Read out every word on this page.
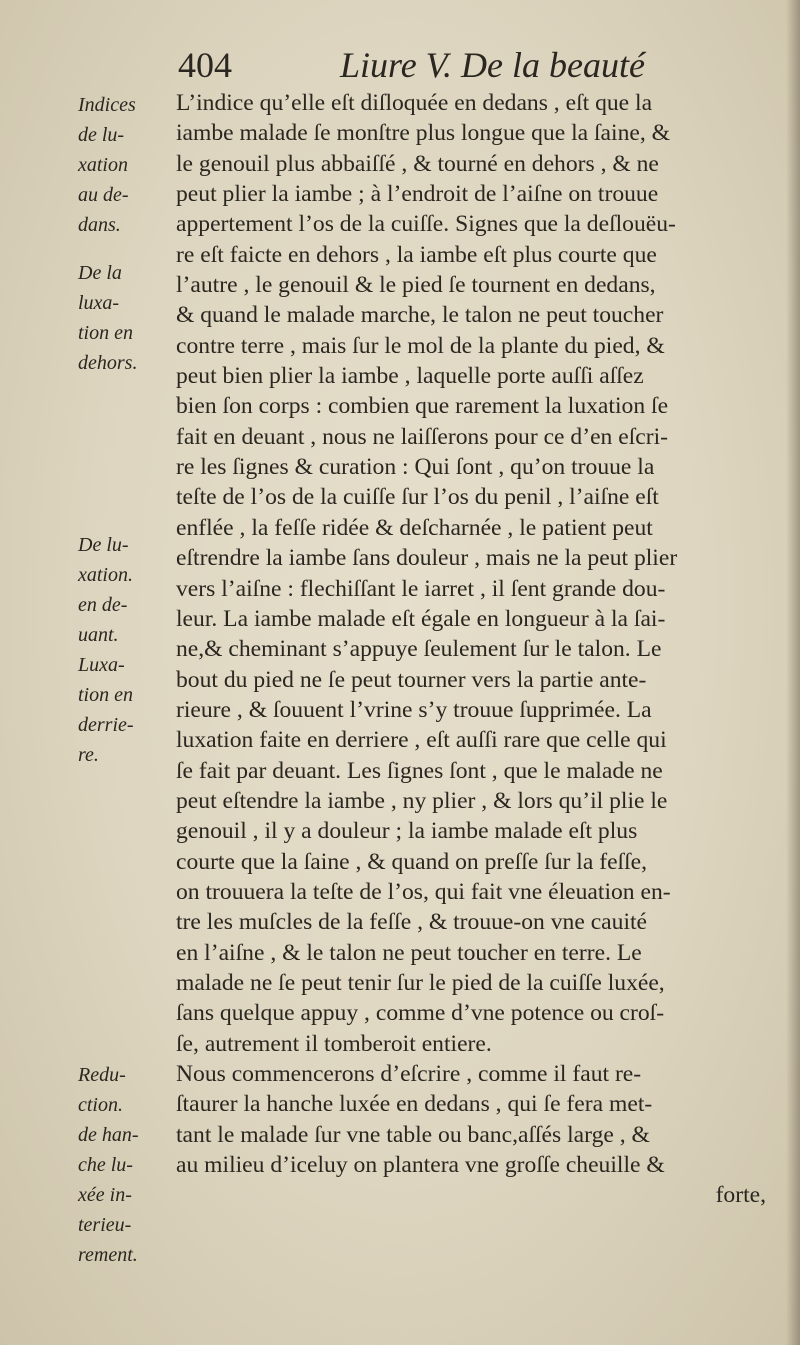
404	Liure V. De la beauté
Indices
de lu-
xation
au de-
dans.
De la
luxa-
tion en
dehors.
De lu-
xation.
en de-
uant.
Luxa-
tion en
derrie-
re.
Redu-
ction.
de han-
che lu-
xée in-
terieu-
rement.
L’indice qu’elle eſt diſloquée en dedans , eſt que la
iambe malade ſe monſtre plus longue que la ſaine, &
le genouil plus abbaiſſé , & tourné en dehors , & ne
peut plier la iambe ; à l’endroit de l’aiſne on trouue
appertement l’os de la cuiſſe. Signes que la deſlouëu-
re eſt faicte en dehors , la iambe eſt plus courte que
l’autre , le genouil & le pied ſe tournent en dedans,
& quand le malade marche, le talon ne peut toucher
contre terre , mais ſur le mol de la plante du pied, &
peut bien plier la iambe , laquelle porte auſſi aſſez
bien ſon corps : combien que rarement la luxation ſe
fait en deuant , nous ne laiſſerons pour ce d’en eſcri-
re les ſignes & curation : Qui ſont , qu’on trouue la
teſte de l’os de la cuiſſe ſur l’os du penil , l’aiſne eſt
enflée , la feſſe ridée & deſcharnée , le patient peut
eſtrendre la iambe ſans douleur , mais ne la peut plier
vers l’aiſne : flechiſſant le iarret , il ſent grande dou-
leur. La iambe malade eſt égale en longueur à la ſai-
ne,& cheminant s’appuye ſeulement ſur le talon. Le
bout du pied ne ſe peut tourner vers la partie ante-
rieure , & ſouuent l’vrine s’y trouue ſupprimée. La
luxation faite en derriere , eſt auſſi rare que celle qui
ſe fait par deuant. Les ſignes ſont , que le malade ne
peut eſtendre la iambe , ny plier , & lors qu’il plie le
genouil , il y a douleur ; la iambe malade eſt plus
courte que la ſaine , & quand on preſſe ſur la feſſe,
on trouuera la teſte de l’os, qui fait vne éleuation en-
tre les muſcles de la feſſe , & trouue-on vne cauité
en l’aiſne , & le talon ne peut toucher en terre. Le
malade ne ſe peut tenir ſur le pied de la cuiſſe luxée,
ſans quelque appuy , comme d’vne potence ou croſ-
ſe, autrement il tomberoit entiere.
Nous commencerons d’eſcrire , comme il faut re-
ſtaurer la hanche luxée en dedans , qui ſe fera met-
tant le malade ſur vne table ou banc,aſſés large , &
au milieu d’iceluy on plantera vne groſſe cheuille &
forte,
